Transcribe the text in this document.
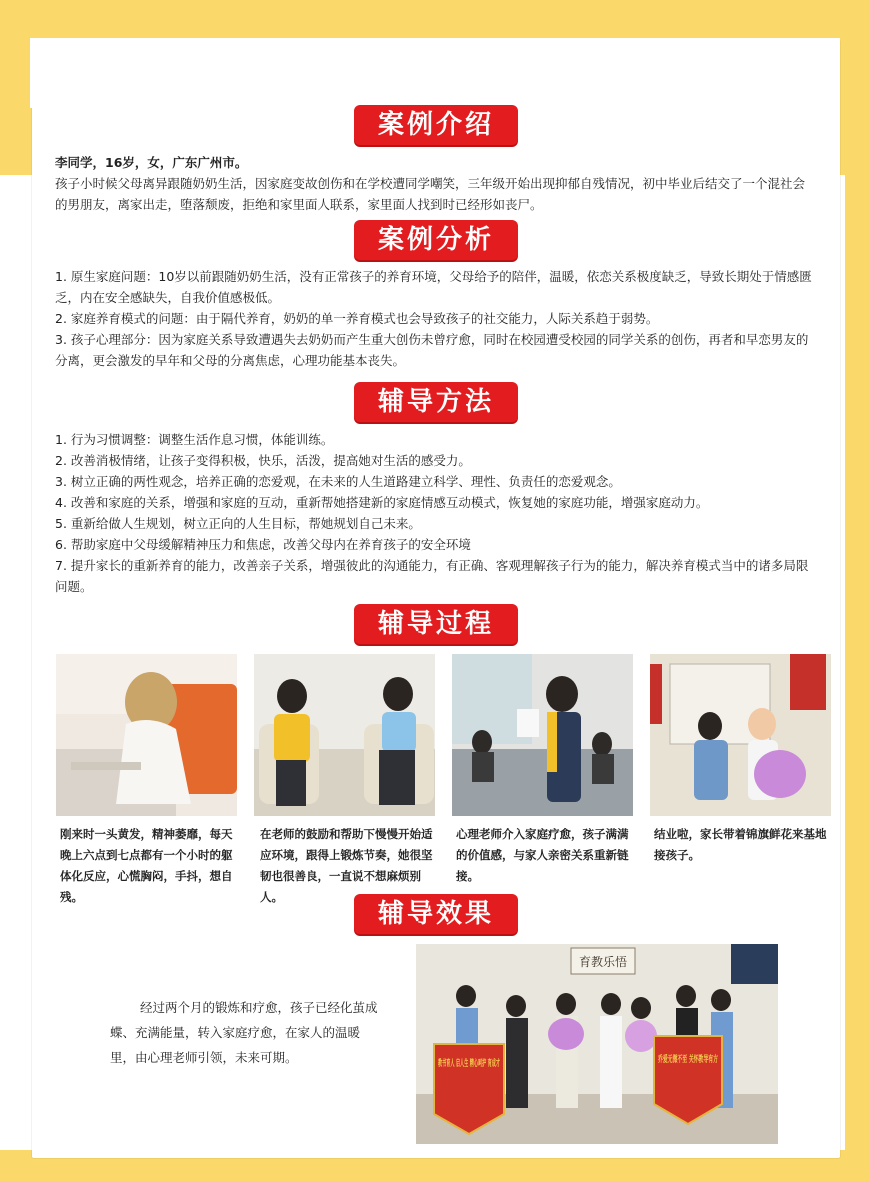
案例介绍

李同学，16岁，女，广东广州市。

孩子小时候父母离异跟随奶奶生活，因家庭变故创伤和在学校遭同学嘲笑，三年级开始出现抑郁自残情况，初中毕业后结交了一个混社会的男朋友，离家出走，堕落颓废，拒绝和家里面人联系，家里面人找到时已经形如丧尸。

案例分析

1. 原生家庭问题：10岁以前跟随奶奶生活，没有正常孩子的养育环境，父母给予的陪伴，温暖，依恋关系极度缺乏，导致长期处于情感匮乏，内在安全感缺失，自我价值感极低。

2. 家庭养育模式的问题：由于隔代养育，奶奶的单一养育模式也会导致孩子的社交能力，人际关系趋于弱势。

3. 孩子心理部分：因为家庭关系导致遭遇失去奶奶而产生重大创伤未曾疗愈，同时在校园遭受校园的同学关系的创伤，再者和早恋男友的分离，更会激发的早年和父母的分离焦虑，心理功能基本丧失。

辅导方法

1. 行为习惯调整：调整生活作息习惯，体能训练。

2. 改善消极情绪，让孩子变得积极，快乐，活泼，提高她对生活的感受力。

3. 树立正确的两性观念，培养正确的恋爱观，在未来的人生道路建立科学、理性、负责任的恋爱观念。

4. 改善和家庭的关系，增强和家庭的互动，重新帮她搭建新的家庭情感互动模式，恢复她的家庭功能，增强家庭动力。

5. 重新给做人生规划，树立正向的人生目标，帮她规划自己未来。

6. 帮助家庭中父母缓解精神压力和焦虑，改善父母内在养育孩子的安全环境

7. 提升家长的重新养育的能力，改善亲子关系，增强彼此的沟通能力，有正确、客观理解孩子行为的能力，解决养育模式当中的诸多局限问题。

辅导过程
刚来时一头黄发，精神萎靡，每天晚上六点到七点都有一个小时的躯体化反应，心慌胸闷，手抖，想自残。
在老师的鼓励和帮助下慢慢开始适应环境，跟得上锻炼节奏，她很坚韧也很善良，一直说不想麻烦别人。
心理老师介入家庭疗愈，孩子满满的价值感，与家人亲密关系重新链接。
结业啦，家长带着锦旗鲜花来基地接孩子。
辅导效果

经过两个月的锻炼和疗愈，孩子已经化茧成蝶、充满能量，转入家庭疗愈，在家人的温暖里，由心理老师引领，未来可期。

育教乐悟
乔爱无微不至 关怀教导有方
